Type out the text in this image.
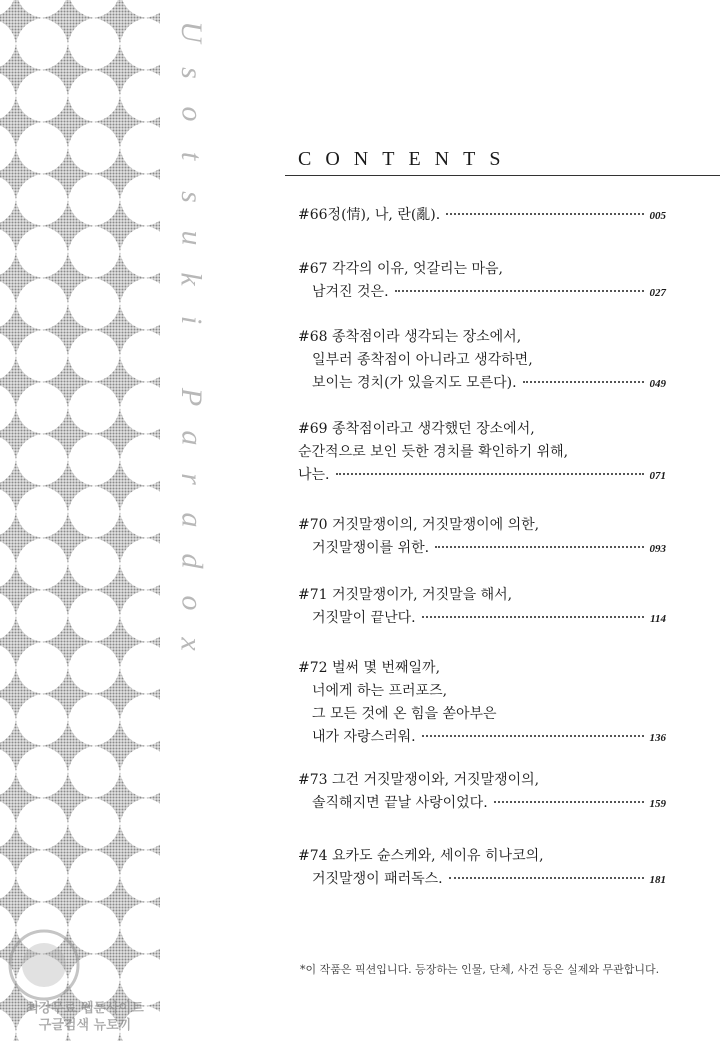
U
s
o
t
s
u
k
i
P
a
r
a
d
o
x
CONTENTS
#66정(情), 나, 란(亂).	005
#67 각각의 이유, 엇갈리는 마음,
남겨진 것은.	027
#68 종착점이라 생각되는 장소에서,
일부러 종착점이 아니라고 생각하면,
보이는 경치(가 있을지도 모른다).	049
#69 종착점이라고 생각했던 장소에서,
순간적으로 보인 듯한 경치를 확인하기 위해,
나는.	071
#70 거짓말쟁이의, 거짓말쟁이에 의한,
거짓말쟁이를 위한.	093
#71 거짓말쟁이가, 거짓말을 해서,
거짓말이 끝난다.	114
#72 벌써 몇 번째일까,
너에게 하는 프러포즈,
그 모든 것에 온 힘을 쏟아부은
내가 자랑스러워.	136
#73 그건 거짓말쟁이와, 거짓말쟁이의,
솔직해지면 끝날 사랑이었다.	159
#74 요카도 슌스케와, 세이유 히나코의,
거짓말쟁이 패러독스.	181
*이 작품은 픽션입니다. 등장하는 인물, 단체, 사건 등은 실제와 무관합니다.
최강무료 웹툰사이트
구글검색 뉴토끼
